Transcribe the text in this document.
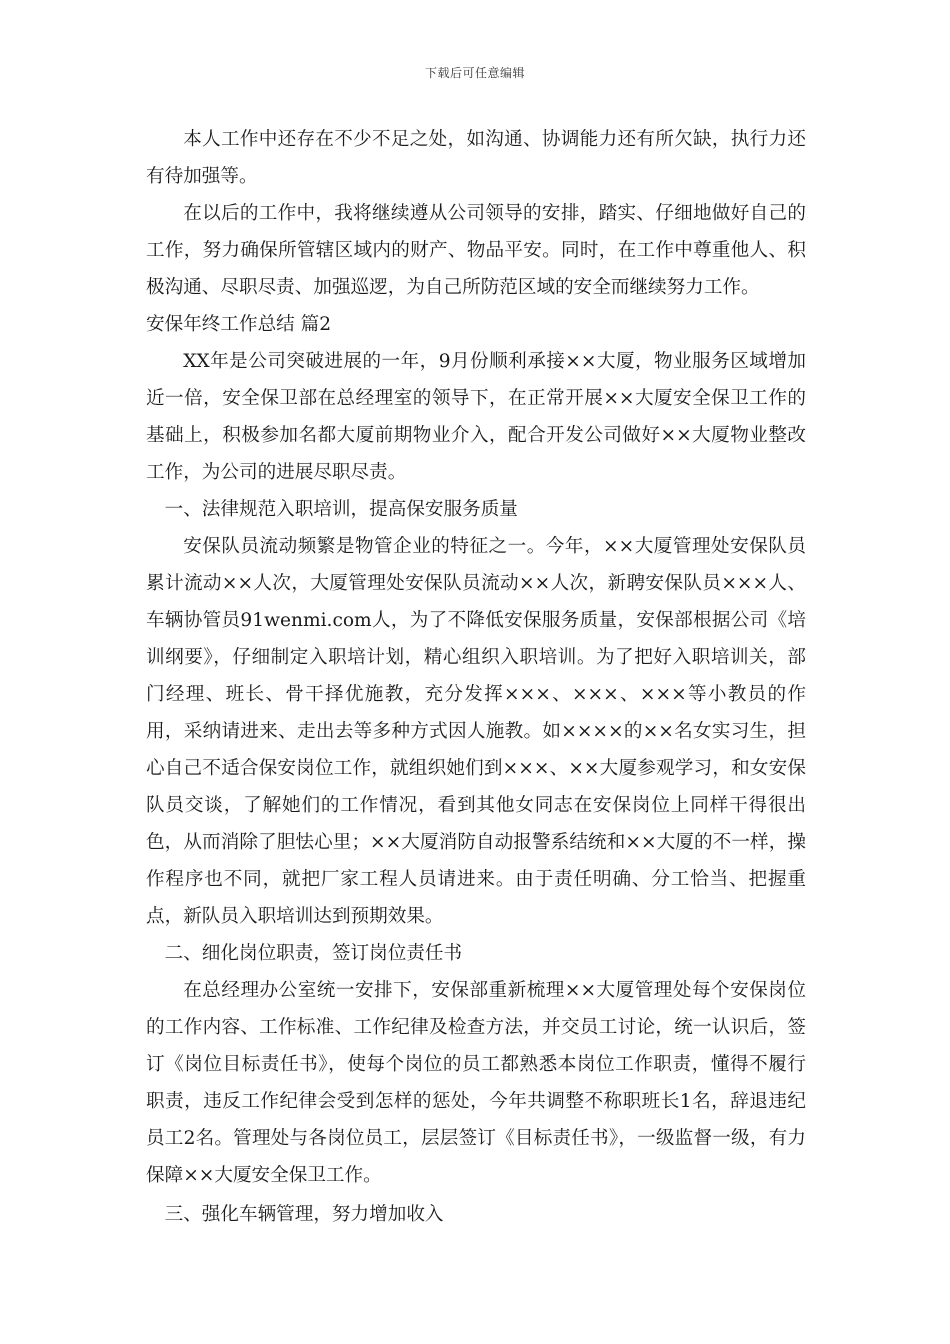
下载后可任意编辑

本人工作中还存在不少不足之处，如沟通、协调能力还有所欠缺，执行力还有待加强等。

在以后的工作中，我将继续遵从公司领导的安排，踏实、仔细地做好自己的工作，努力确保所管辖区域内的财产、物品平安。同时，在工作中尊重他人、积极沟通、尽职尽责、加强巡逻，为自己所防范区域的安全而继续努力工作。

安保年终工作总结 篇2

XX年是公司突破进展的一年，9月份顺利承接××大厦，物业服务区域增加近一倍，安全保卫部在总经理室的领导下，在正常开展××大厦安全保卫工作的基础上，积极参加名都大厦前期物业介入，配合开发公司做好××大厦物业整改工作，为公司的进展尽职尽责。

一、法律规范入职培训，提高保安服务质量

安保队员流动频繁是物管企业的特征之一。今年，××大厦管理处安保队员累计流动××人次，大厦管理处安保队员流动××人次，新聘安保队员×××人、车辆协管员91wenmi.com人，为了不降低安保服务质量，安保部根据公司《培训纲要》，仔细制定入职培计划，精心组织入职培训。为了把好入职培训关，部门经理、班长、骨干择优施教，充分发挥×××、×××、×××等小教员的作用，采纳请进来、走出去等多种方式因人施教。如××××的××名女实习生，担心自己不适合保安岗位工作，就组织她们到×××、××大厦参观学习，和女安保队员交谈，了解她们的工作情况，看到其他女同志在安保岗位上同样干得很出色，从而消除了胆怯心里；××大厦消防自动报警系结统和××大厦的不一样，操作程序也不同，就把厂家工程人员请进来。由于责任明确、分工恰当、把握重点，新队员入职培训达到预期效果。

二、细化岗位职责，签订岗位责任书

在总经理办公室统一安排下，安保部重新梳理××大厦管理处每个安保岗位的工作内容、工作标准、工作纪律及检查方法，并交员工讨论，统一认识后，签订《岗位目标责任书》，使每个岗位的员工都熟悉本岗位工作职责，懂得不履行职责，违反工作纪律会受到怎样的惩处，今年共调整不称职班长1名，辞退违纪员工2名。管理处与各岗位员工，层层签订《目标责任书》，一级监督一级，有力保障××大厦安全保卫工作。

三、强化车辆管理，努力增加收入
